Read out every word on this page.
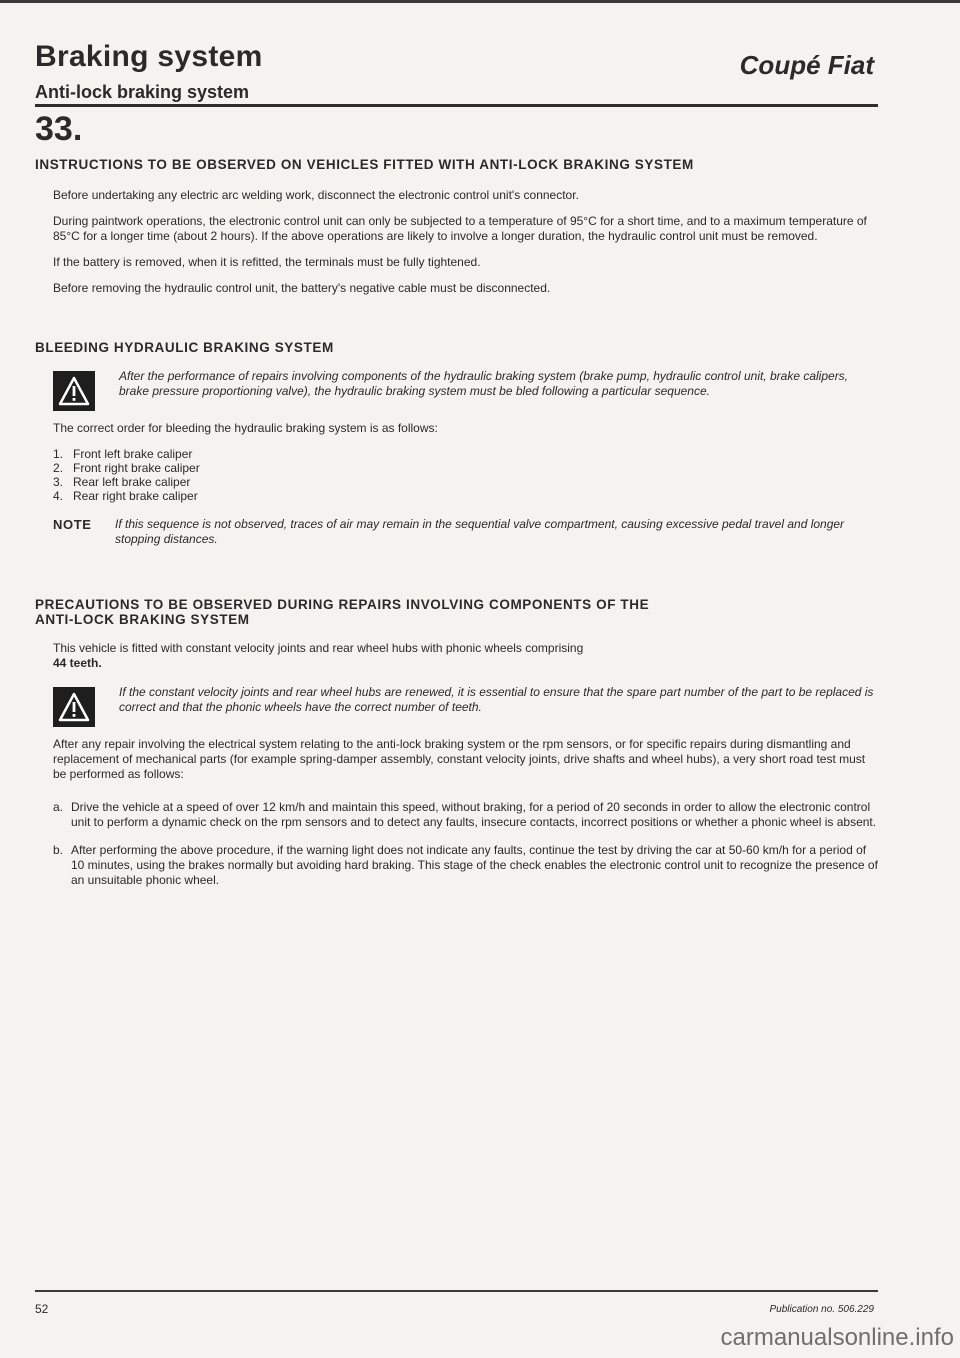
Braking system	Coupé Fiat
Anti-lock braking system
33.
INSTRUCTIONS TO BE OBSERVED ON VEHICLES FITTED WITH ANTI-LOCK BRAKING SYSTEM

Before undertaking any electric arc welding work, disconnect the electronic control unit's connector.

During paintwork operations, the electronic control unit can only be subjected to a temperature of 95°C for a short time, and to a maximum temperature of 85°C for a longer time (about 2 hours). If the above operations are likely to involve a longer duration, the hydraulic control unit must be removed.

If the battery is removed, when it is refitted, the terminals must be fully tightened.

Before removing the hydraulic control unit, the battery's negative cable must be disconnected.

BLEEDING HYDRAULIC BRAKING SYSTEM
After the performance of repairs involving components of the hydraulic braking system (brake pump, hydraulic control unit, brake calipers, brake pressure proportioning valve), the hydraulic braking system must be bled following a particular sequence.

The correct order for bleeding the hydraulic braking system is as follows:

1. Front left brake caliper
2. Front right brake caliper
3. Rear left brake caliper
4. Rear right brake caliper
NOTE	If this sequence is not observed, traces of air may remain in the sequential valve compartment, causing excessive pedal travel and longer stopping distances.
PRECAUTIONS TO BE OBSERVED DURING REPAIRS INVOLVING COMPONENTS OF THE
ANTI-LOCK BRAKING SYSTEM

This vehicle is fitted with constant velocity joints and rear wheel hubs with phonic wheels comprising
44 teeth.

If the constant velocity joints and rear wheel hubs are renewed, it is essential to ensure that the spare part number of the part to be replaced is correct and that the phonic wheels have the correct number of teeth.

After any repair involving the electrical system relating to the anti-lock braking system or the rpm sensors, or for specific repairs during dismantling and replacement of mechanical parts (for example spring-damper assembly, constant velocity joints, drive shafts and wheel hubs), a very short road test must be performed as follows:

a. Drive the vehicle at a speed of over 12 km/h and maintain this speed, without braking, for a period of 20 seconds in order to allow the electronic control unit to perform a dynamic check on the rpm sensors and to detect any faults, insecure contacts, incorrect positions or whether a phonic wheel is absent.
b. After performing the above procedure, if the warning light does not indicate any faults, continue the test by driving the car at 50-60 km/h for a period of 10 minutes, using the brakes normally but avoiding hard braking. This stage of the check enables the electronic control unit to recognize the presence of an unsuitable phonic wheel.
52	Publication no. 506.229
carmanualsonline.info
